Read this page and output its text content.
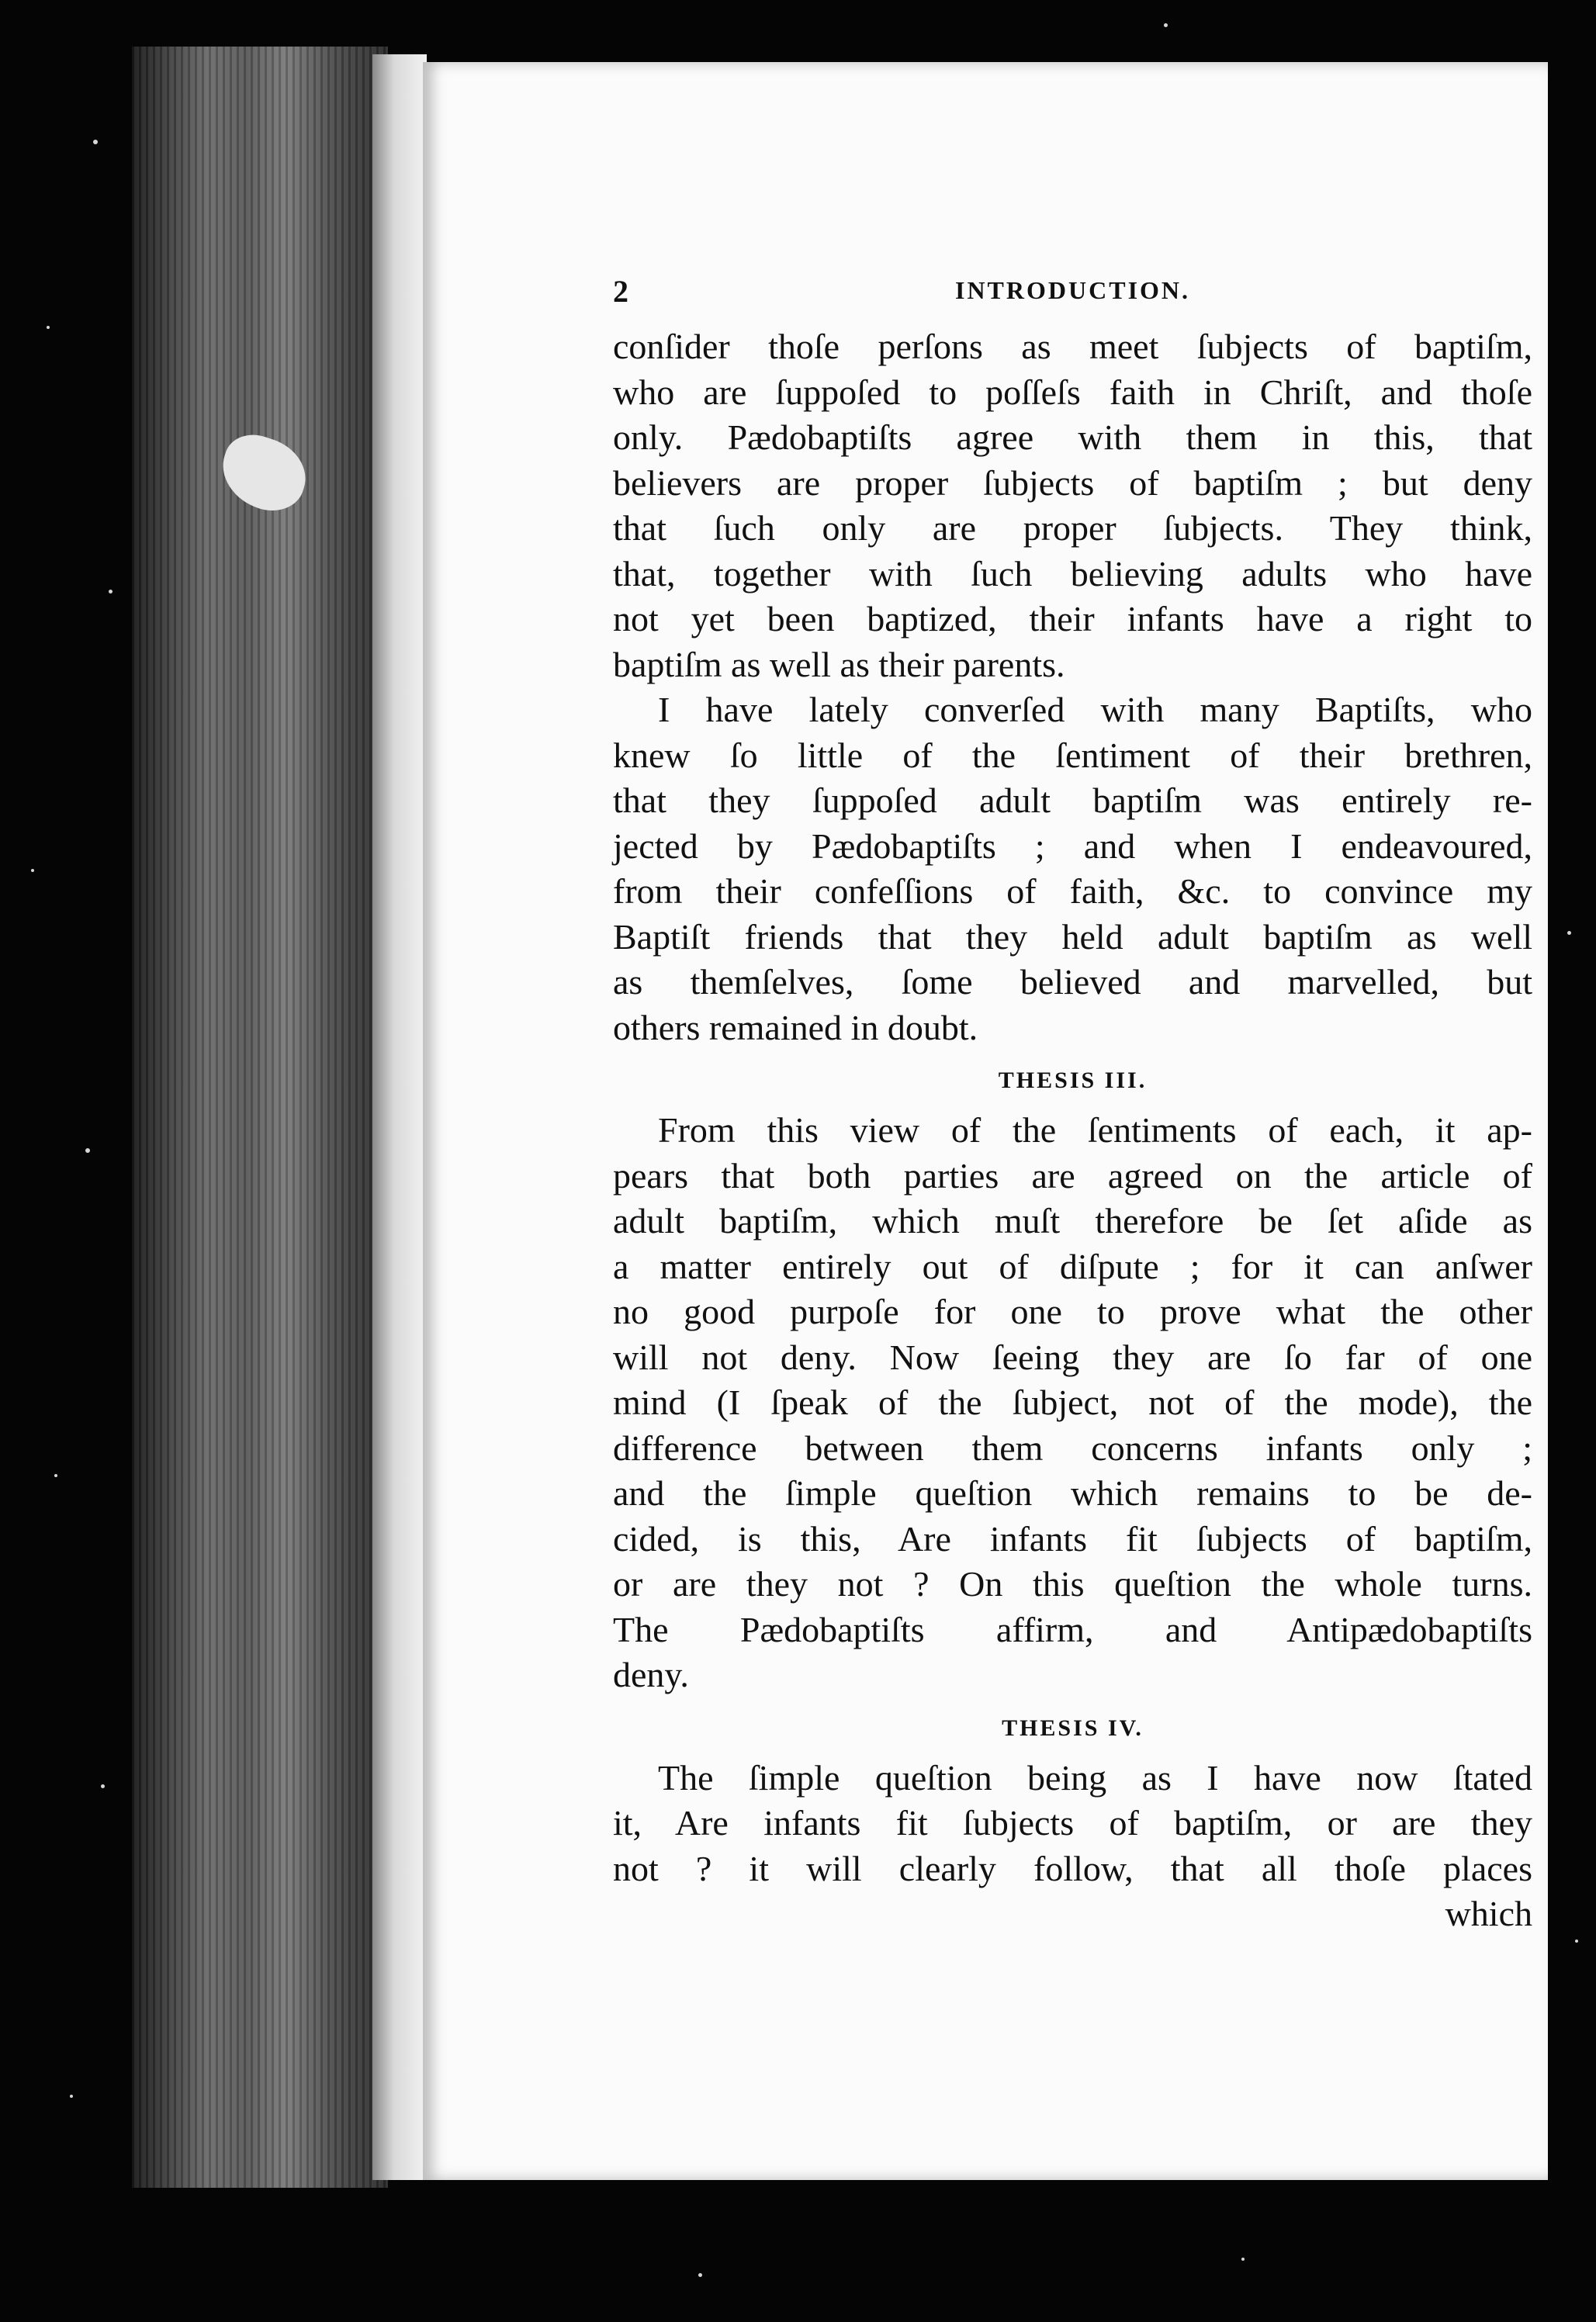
2	INTRODUCTION.

conſider thoſe perſons as meet ſubjects of baptiſm,
who are ſuppoſed to poſſeſs faith in Chriſt, and thoſe
only. Pædobaptiſts agree with them in this, that
believers are proper ſubjects of baptiſm ; but deny
that ſuch only are proper ſubjects. They think,
that, together with ſuch believing adults who have
not yet been baptized, their infants have a right to
baptiſm as well as their parents.

I have lately converſed with many Baptiſts, who
knew ſo little of the ſentiment of their brethren,
that they ſuppoſed adult baptiſm was entirely re-
jected by Pædobaptiſts ; and when I endeavoured,
from their confeſſions of faith, &c. to convince my
Baptiſt friends that they held adult baptiſm as well
as themſelves, ſome believed and marvelled, but
others remained in doubt.

THESIS III.

From this view of the ſentiments of each, it ap-
pears that both parties are agreed on the article of
adult baptiſm, which muſt therefore be ſet aſide as
a matter entirely out of diſpute ; for it can anſwer
no good purpoſe for one to prove what the other
will not deny. Now ſeeing they are ſo far of one
mind (I ſpeak of the ſubject, not of the mode), the
difference between them concerns infants only ;
and the ſimple queſtion which remains to be de-
cided, is this, Are infants fit ſubjects of baptiſm,
or are they not ? On this queſtion the whole turns.
The Pædobaptiſts affirm, and Antipædobaptiſts
deny.

THESIS IV.

The ſimple queſtion being as I have now ſtated
it, Are infants fit ſubjects of baptiſm, or are they
not ? it will clearly follow, that all thoſe places
which
